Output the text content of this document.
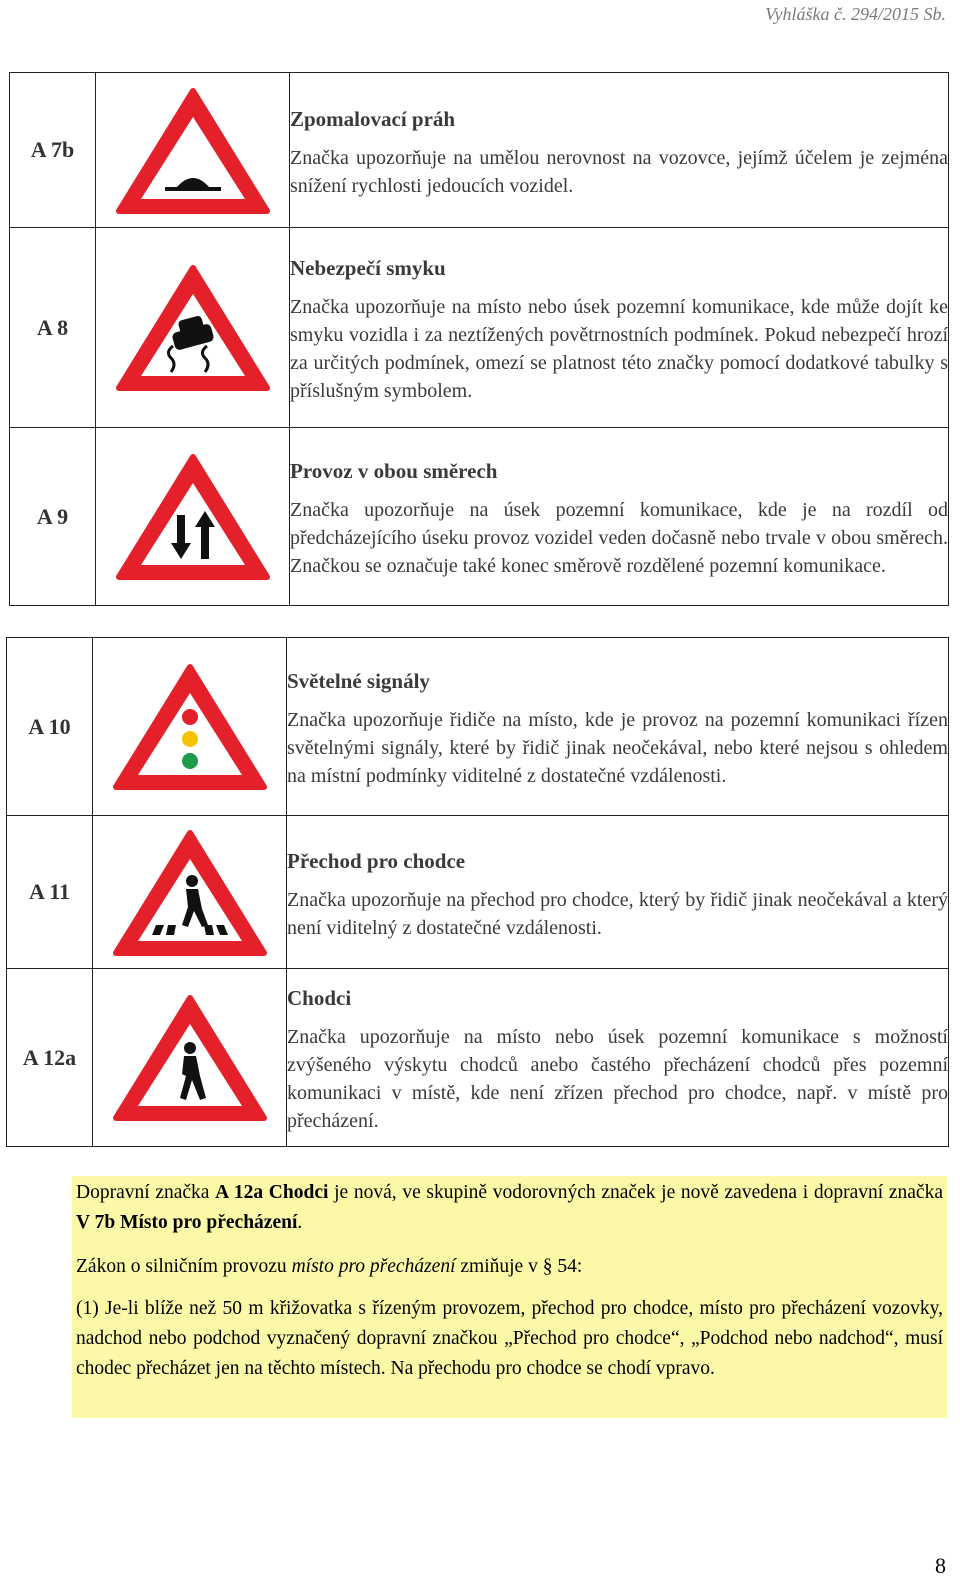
Vyhláška č. 294/2015 Sb.
A 7b		Zpomalovací práh
Značka upozorňuje na umělou nerovnost na vozovce, jejímž účelem je zejména snížení rychlosti jedoucích vozidel.

A 8		Nebezpečí smyku
Značka upozorňuje na místo nebo úsek pozemní komunikace, kde může dojít ke smyku vozidla i za neztížených povětrnostních podmínek. Pokud nebezpečí hrozí za určitých podmínek, omezí se platnost této značky pomocí dodatkové tabulky s příslušným symbolem.

A 9		Provoz v obou směrech
Značka upozorňuje na úsek pozemní komunikace, kde je na rozdíl od předcházejícího úseku provoz vozidel veden dočasně nebo trvale v obou směrech. Značkou se označuje také konec směrově rozdělené pozemní komunikace.
A 10		Světelné signály
Značka upozorňuje řidiče na místo, kde je provoz na pozemní komunikaci řízen světelnými signály, které by řidič jinak neočekával, nebo které nejsou s ohledem na místní podmínky viditelné z dostatečné vzdálenosti.

A 11		Přechod pro chodce
Značka upozorňuje na přechod pro chodce, který by řidič jinak neočekával a který není viditelný z dostatečné vzdálenosti.

A 12a		Chodci
Značka upozorňuje na místo nebo úsek pozemní komunikace s možností zvýšeného výskytu chodců anebo častého přecházení chodců přes pozemní komunikaci v místě, kde není zřízen přechod pro chodce, např. v místě pro přecházení.

Dopravní značka A 12a Chodci je nová, ve skupině vodorovných značek je nově zavedena i dopravní značka V 7b Místo pro přecházení.

Zákon o silničním provozu místo pro přecházení zmiňuje v § 54:

(1) Je-li blíže než 50 m křižovatka s řízeným provozem, přechod pro chodce, místo pro přecházení vozovky, nadchod nebo podchod vyznačený dopravní značkou „Přechod pro chodce“, „Podchod nebo nadchod“, musí chodec přecházet jen na těchto místech. Na přechodu pro chodce se chodí vpravo.

8
